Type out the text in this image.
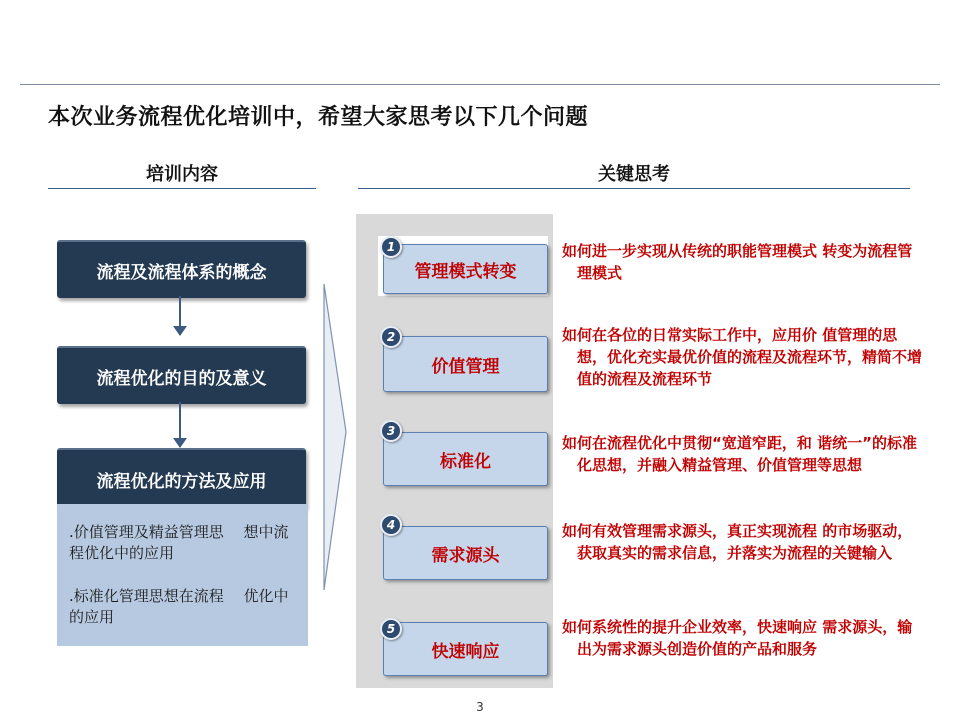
本次业务流程优化培训中，希望大家思考以下几个问题
培训内容	关键思考
流程及流程体系的概念
流程优化的目的及意义
流程优化的方法及应用
.价值管理及精益管理思　 想中流程优化中的应用
.标准化管理思想在流程　 优化中的应用
管理模式转变
1	如何进一步实现从传统的职能管理模式 转变为流程管理模式
价值管理
2	如何在各位的日常实际工作中，应用价 值管理的思想，优化充实最优价值的流程及流程环节，精简不增值的流程及流程环节
标准化
3
如何在流程优化中贯彻“宽道窄距，和 谐统一”的标准化思想，并融入精益管理、价值管理等思想
需求源头
4	如何有效管理需求源头，真正实现流程 的市场驱动，获取真实的需求信息，并落实为流程的关键输入
快速响应
5	如何系统性的提升企业效率，快速响应 需求源头，输出为需求源头创造价值的产品和服务
3
